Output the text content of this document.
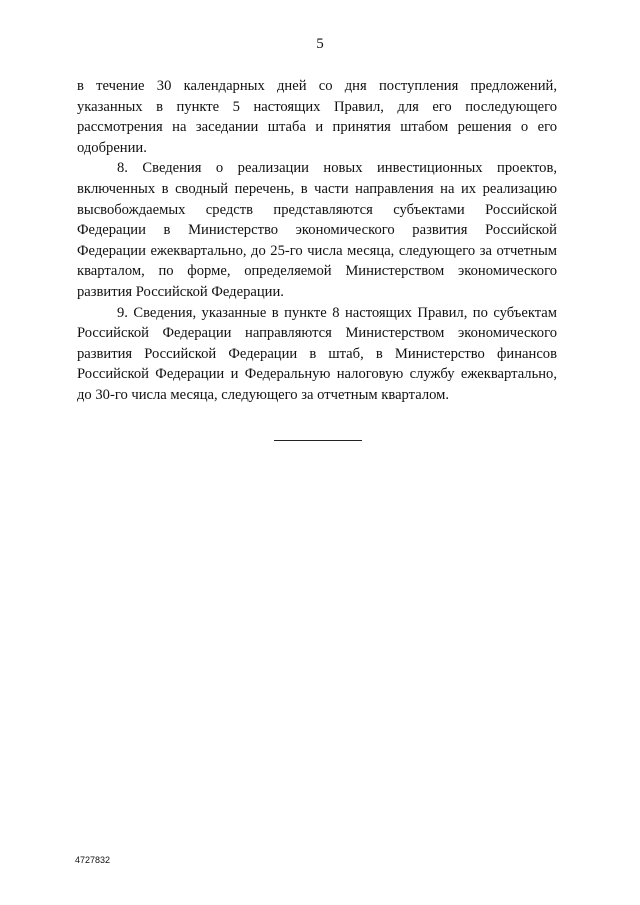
5

в течение 30 календарных дней со дня поступления предложений, указанных в пункте 5 настоящих Правил, для его последующего рассмотрения на заседании штаба и принятия штабом решения о его одобрении.

8. Сведения о реализации новых инвестиционных проектов, включенных в сводный перечень, в части направления на их реализацию высвобождаемых средств представляются субъектами Российской Федерации в Министерство экономического развития Российской Федерации ежеквартально, до 25-го числа месяца, следующего за отчетным кварталом, по форме, определяемой Министерством экономического развития Российской Федерации.

9. Сведения, указанные в пункте 8 настоящих Правил, по субъектам Российской Федерации направляются Министерством экономического развития Российской Федерации в штаб, в Министерство финансов Российской Федерации и Федеральную налоговую службу ежеквартально, до 30-го числа месяца, следующего за отчетным кварталом.

4727832
